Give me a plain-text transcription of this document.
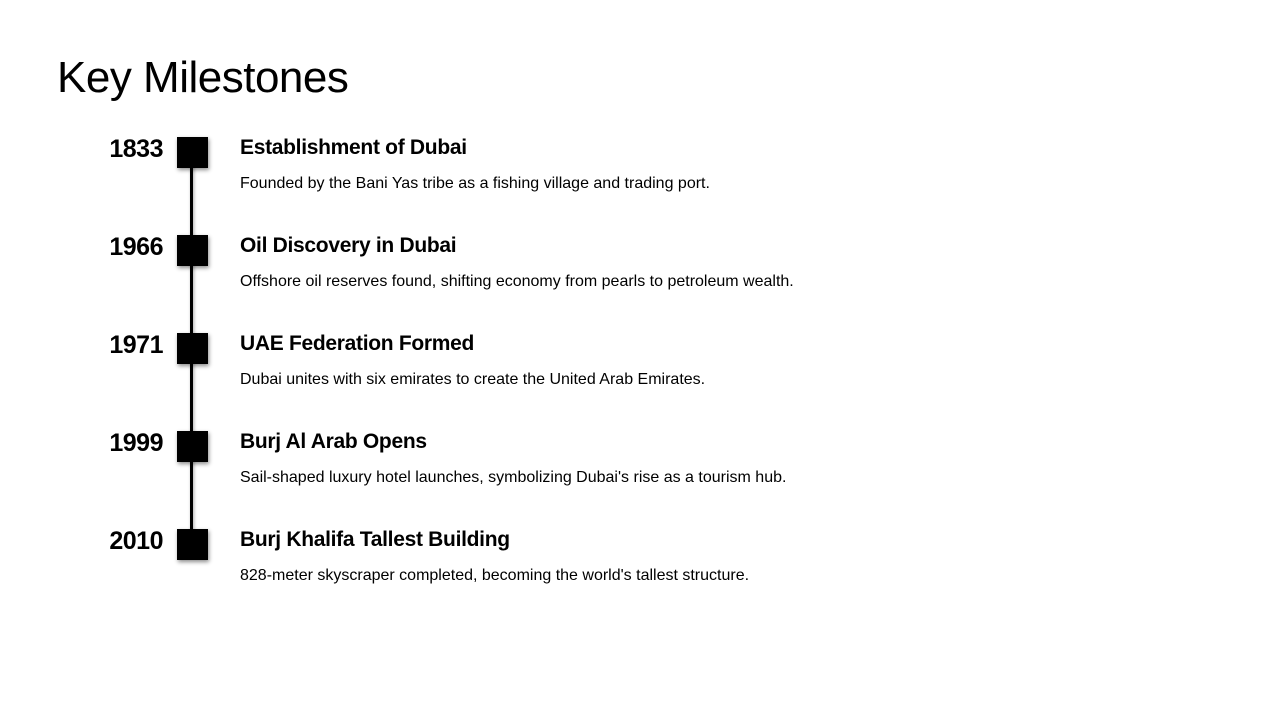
Key Milestones
1833	Establishment of Dubai

Founded by the Bani Yas tribe as a fishing village and trading port.

1966	Oil Discovery in Dubai

Offshore oil reserves found, shifting economy from pearls to petroleum wealth.

1971	UAE Federation Formed

Dubai unites with six emirates to create the United Arab Emirates.

1999	Burj Al Arab Opens

Sail-shaped luxury hotel launches, symbolizing Dubai's rise as a tourism hub.

2010	Burj Khalifa Tallest Building

828-meter skyscraper completed, becoming the world's tallest structure.
